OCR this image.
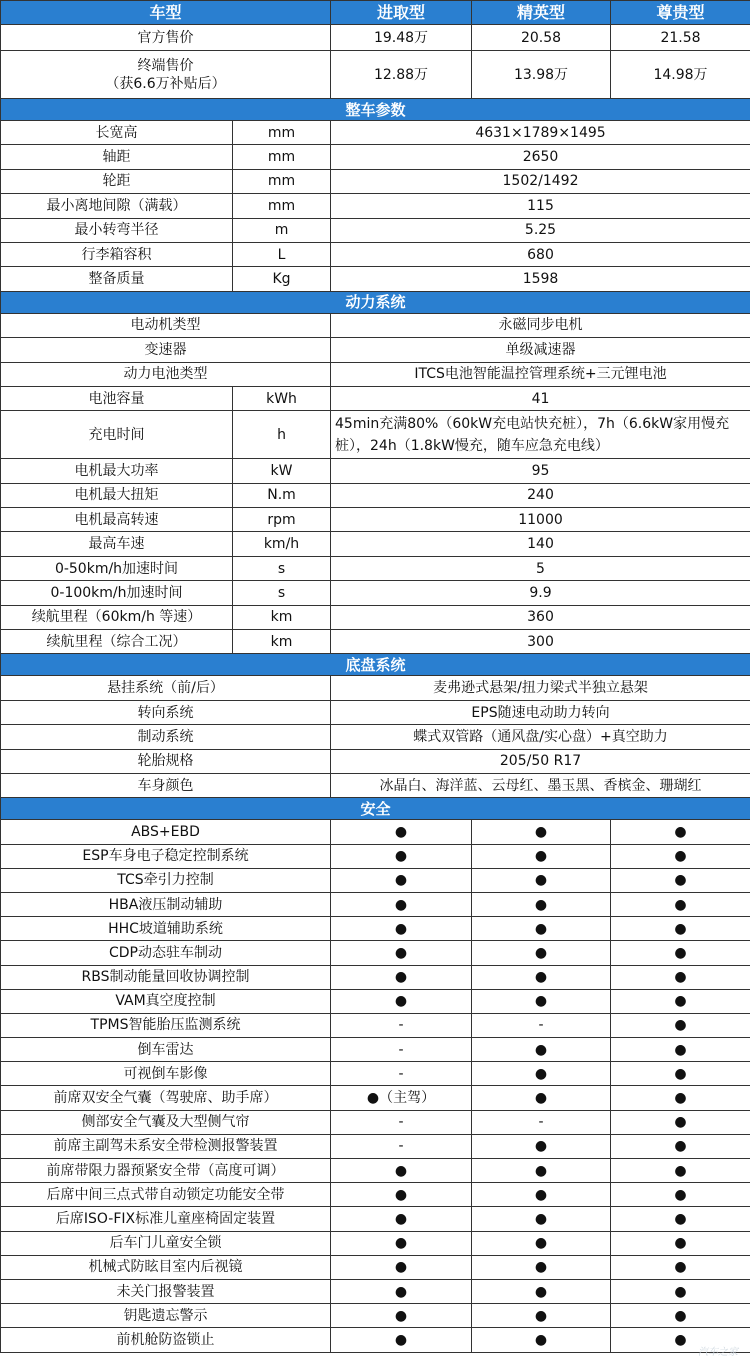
车型		进取型	精英型	尊贵型
官方售价		19.48万	20.58	21.58

终端售价
（获6.6万补贴后）		12.88万	13.98万	14.98万
整车参数				
长宽高	mm	4631×1789×1495		
轴距	mm	2650		
轮距	mm	1502/1492		
最小离地间隙（满载）	mm	115		
最小转弯半径	m	5.25		
行李箱容积	L	680		
整备质量	Kg	1598		
动力系统				
电动机类型		永磁同步电机		
变速器		单级减速器		
动力电池类型		ITCS电池智能温控管理系统+三元锂电池		
电池容量	kWh	41		
充电时间	h	45min充满80%（60kW充电站快充桩），7h（6.6kW家用慢充桩），24h（1.8kW慢充，随车应急充电线）		
电机最大功率	kW	95		
电机最大扭矩	N.m	240		
电机最高转速	rpm	11000		
最高车速	km/h	140		
0-50km/h加速时间	s	5		
0-100km/h加速时间	s	9.9		
续航里程（60km/h 等速）	km	360		
续航里程（综合工况）	km	300		
底盘系统				
悬挂系统（前/后）		麦弗逊式悬架/扭力梁式半独立悬架		
转向系统		EPS随速电动助力转向		
制动系统		蝶式双管路（通风盘/实心盘）+真空助力		
轮胎规格		205/50 R17		
车身颜色		冰晶白、海洋蓝、云母红、墨玉黑、香槟金、珊瑚红		
安全				
ABS+EBD		●	●	●
ESP车身电子稳定控制系统		●	●	●
TCS牵引力控制		●	●	●
HBA液压制动辅助		●	●	●
HHC坡道辅助系统		●	●	●
CDP动态驻车制动		●	●	●
RBS制动能量回收协调控制		●	●	●
VAM真空度控制		●	●	●
TPMS智能胎压监测系统		-	-	●
倒车雷达		-	●	●
可视倒车影像		-	●	●
前席双安全气囊（驾驶席、助手席）		●（主驾）	●	●
侧部安全气囊及大型侧气帘		-	-	●
前席主副驾未系安全带检测报警装置		-	●	●
前席带限力器预紧安全带（高度可调）		●	●	●
后席中间三点式带自动锁定功能安全带		●	●	●
后席ISO-FIX标准儿童座椅固定装置		●	●	●
后车门儿童安全锁		●	●	●
机械式防眩目室内后视镜		●	●	●
未关门报警装置		●	●	●
钥匙遗忘警示		●	●	●
前机舱防盗锁止		●	●	●
汽车之家
